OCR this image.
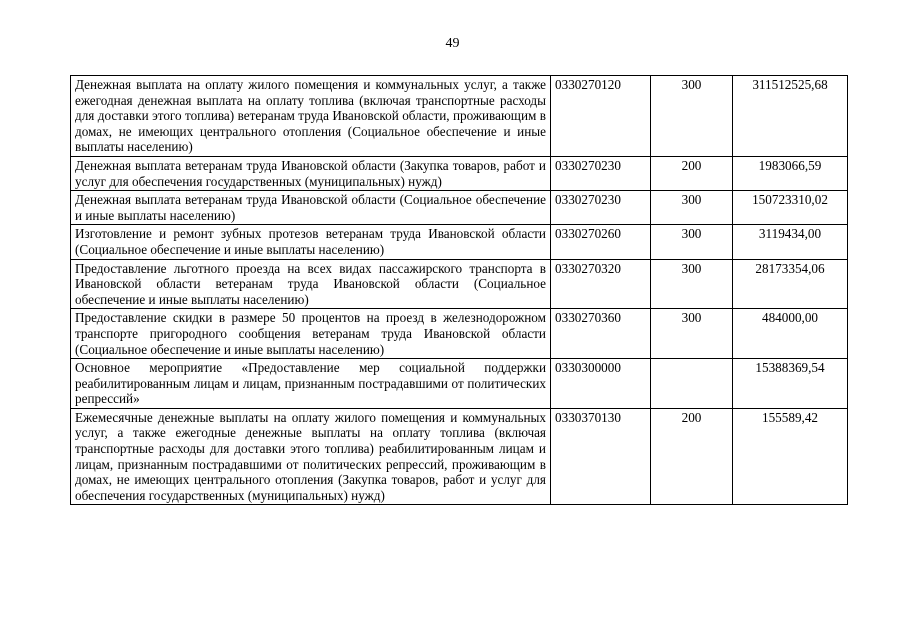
49
Денежная выплата на оплату жилого помещения и коммунальных услуг, а также ежегодная денежная выплата на оплату топлива (включая транспортные расходы для доставки этого топлива) ветеранам труда Ивановской области, проживающим в домах, не имеющих центрального отопления (Социальное обеспечение и иные выплаты населению)	0330270120	300	311512525,68
Денежная выплата ветеранам труда Ивановской области (Закупка товаров, работ и услуг для обеспечения государственных (муниципальных) нужд)	0330270230	200	1983066,59
Денежная выплата ветеранам труда Ивановской области (Социальное обеспечение и иные выплаты населению)	0330270230	300	150723310,02
Изготовление и ремонт зубных протезов ветеранам труда Ивановской области (Социальное обеспечение и иные выплаты населению)	0330270260	300	3119434,00
Предоставление льготного проезда на всех видах пассажирского транспорта в Ивановской области ветеранам труда Ивановской области (Социальное обеспечение и иные выплаты населению)	0330270320	300	28173354,06
Предоставление скидки в размере 50 процентов на проезд в железнодорожном транспорте пригородного сообщения ветеранам труда Ивановской области (Социальное обеспечение и иные выплаты населению)	0330270360	300	484000,00
Основное мероприятие «Предоставление мер социальной поддержки реабилитированным лицам и лицам, признанным пострадавшими от политических репрессий»	0330300000		15388369,54
Ежемесячные денежные выплаты на оплату жилого помещения и коммунальных услуг, а также ежегодные денежные выплаты на оплату топлива (включая транспортные расходы для доставки этого топлива) реабилитированным лицам и лицам, признанным пострадавшими от политических репрессий, проживающим в домах, не имеющих центрального отопления (Закупка товаров, работ и услуг для обеспечения государственных (муниципальных) нужд)	0330370130	200	155589,42
